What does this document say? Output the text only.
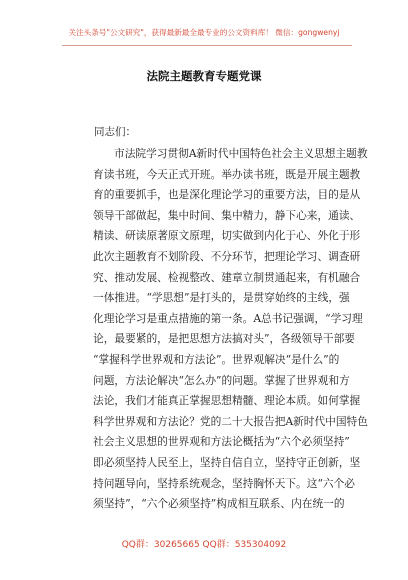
关注头条号"公文研究"，获得最新最全最专业的公文资料库！ 微信：gongwenyj
法院主题教育专题党课
同志们：
市法院学习贯彻A新时代中国特色社会主义思想主题教
育读书班，今天正式开班。举办读书班，既是开展主题教
育的重要抓手，也是深化理论学习的重要方法，目的是从
领导干部做起，集中时间、集中精力，静下心来，通读、
精读、研读原著原文原理，切实做到内化于心、外化于形
此次主题教育不划阶段、不分环节，把理论学习、调查研
究、推动发展、检视整改、建章立制贯通起来，有机融合
一体推进。“学思想”是打头的，是贯穿始终的主线，强
化理论学习是重点措施的第一条。A总书记强调，“学习理
论，最要紧的，是把思想方法搞对头”，各级领导干部要
“掌握科学世界观和方法论”。世界观解决“是什么”的
问题，方法论解决“怎么办”的问题。掌握了世界观和方
法论，我们才能真正掌握思想精髓、理论本质。如何掌握
科学世界观和方法论？党的二十大报告把A新时代中国特色
社会主义思想的世界观和方法论概括为“六个必须坚持”
即必须坚持人民至上，坚持自信自立，坚持守正创新，坚
持问题导向，坚持系统观念，坚持胸怀天下。这“六个必
须坚持”，“六个必须坚持”构成相互联系、内在统一的
QQ群：30265665 QQ群：535304092
